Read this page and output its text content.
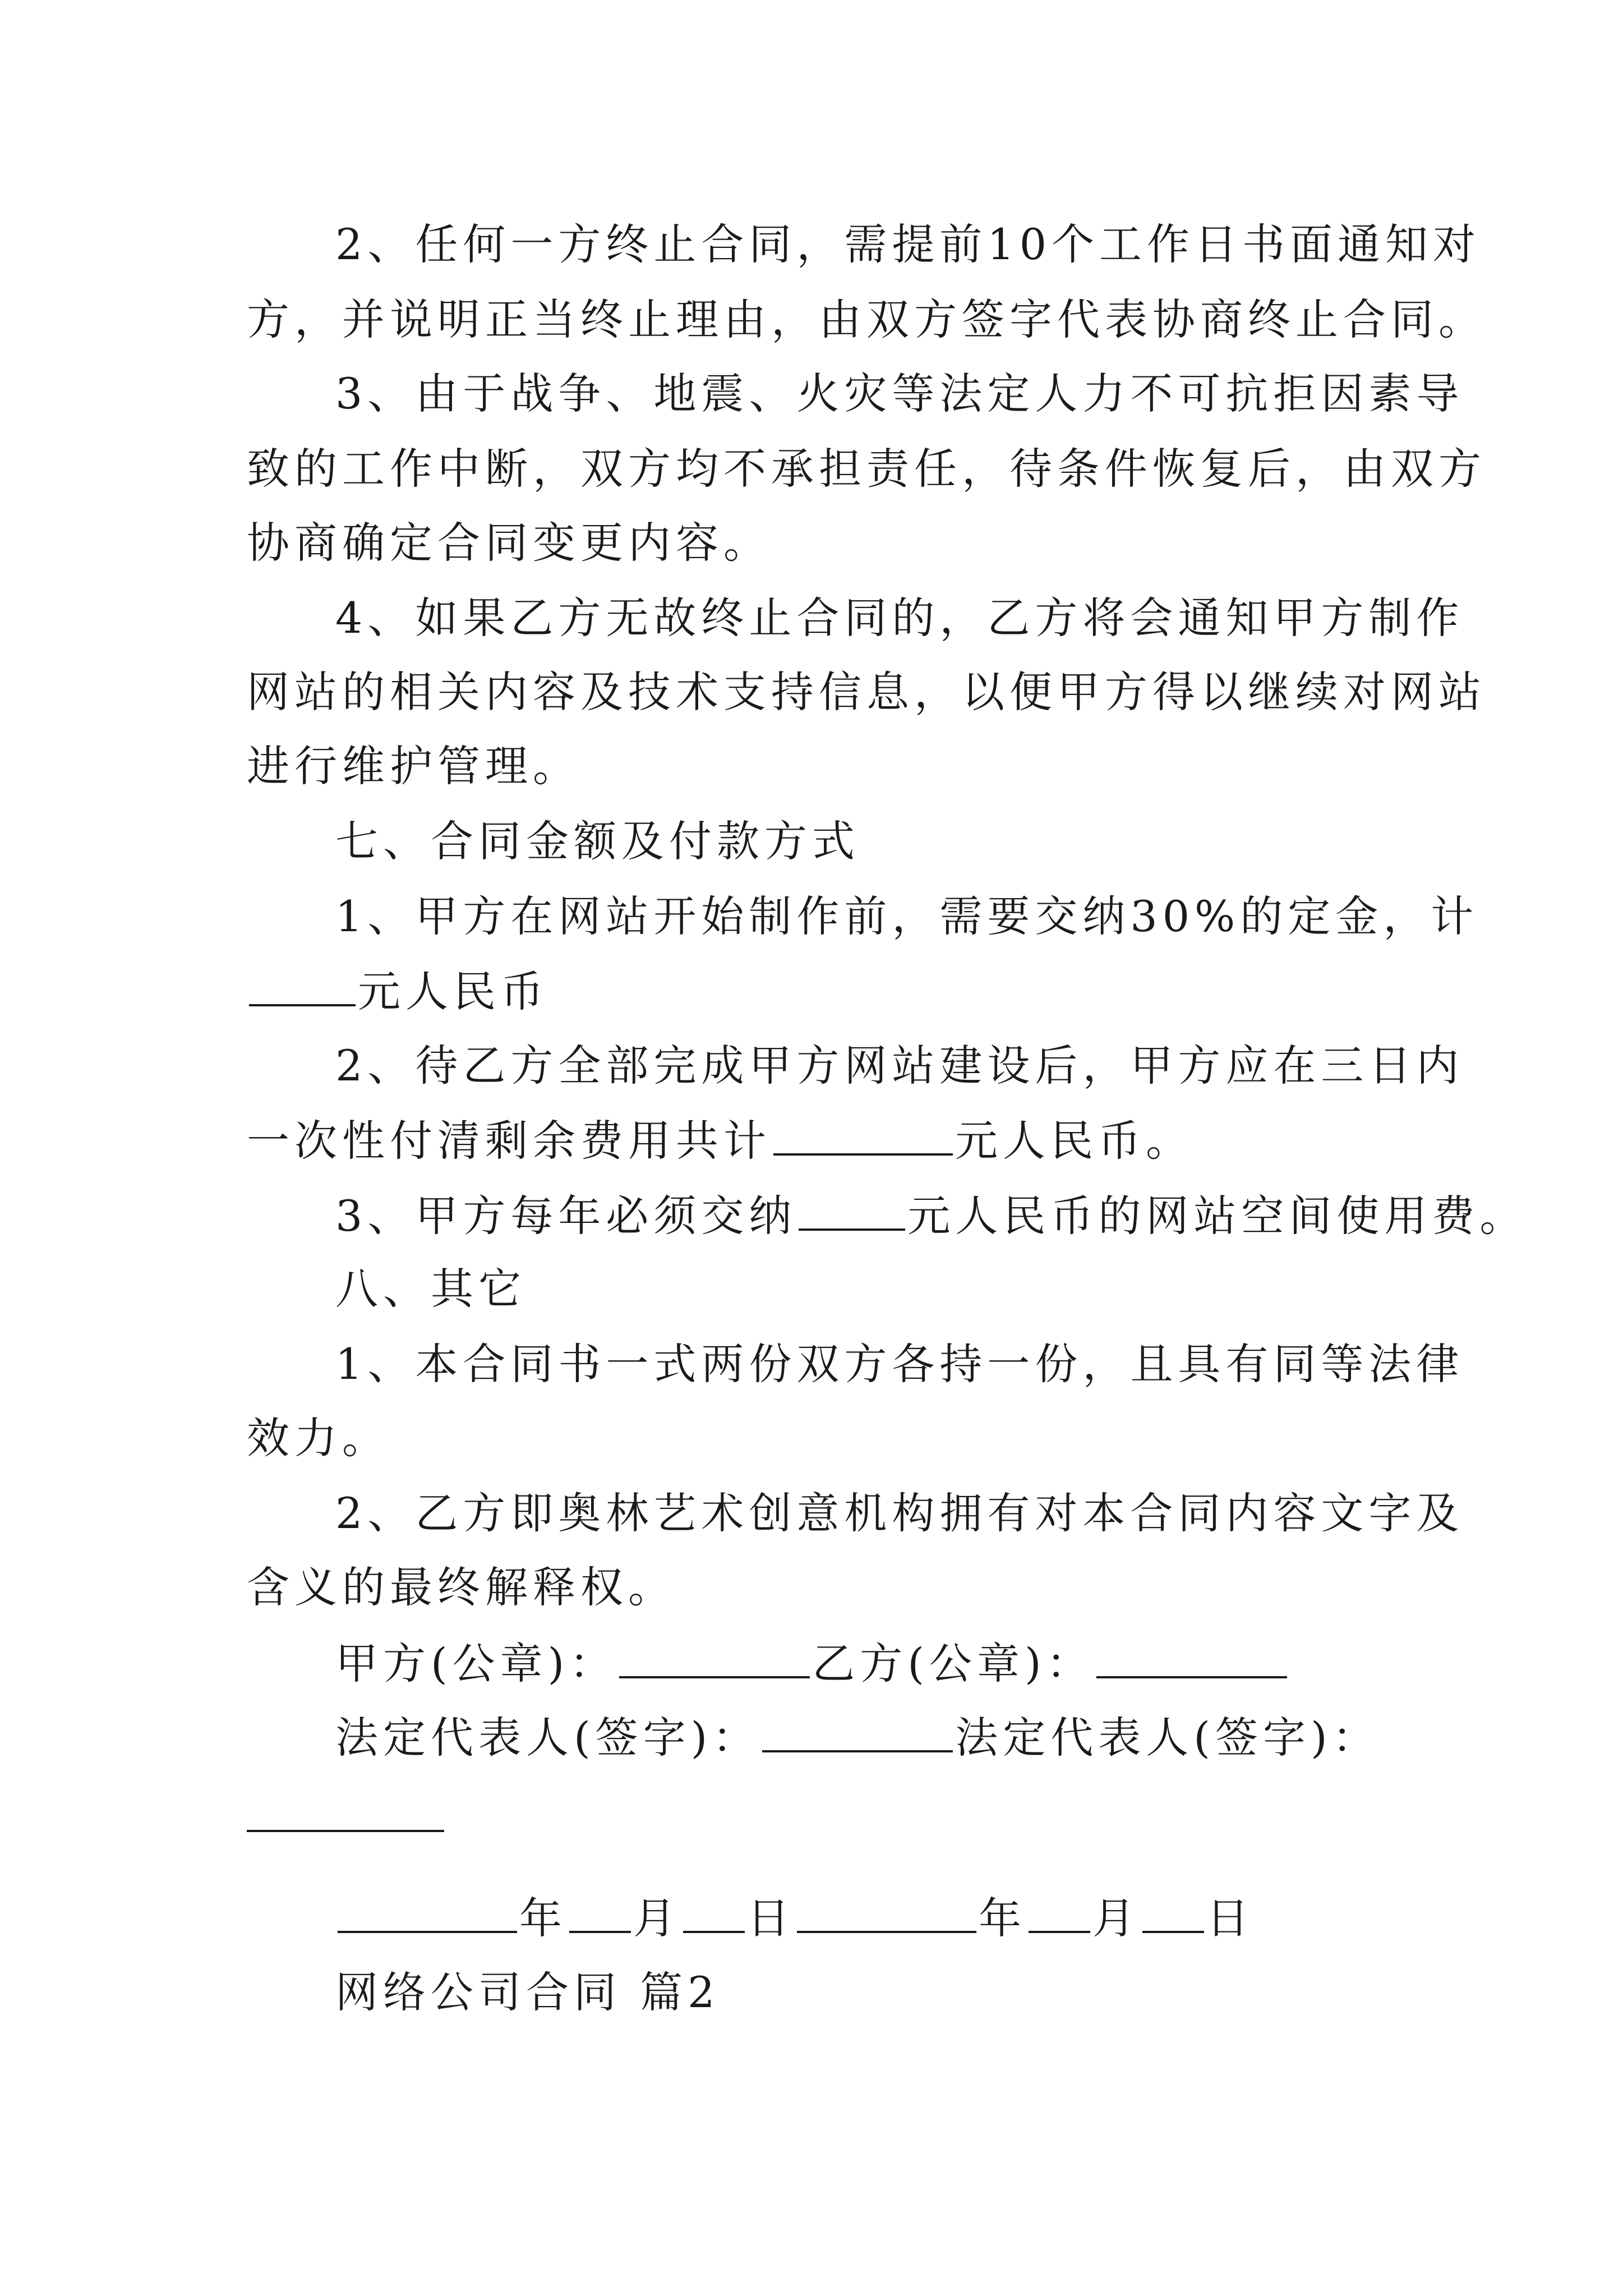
2、任何一方终止合同，需提前10个工作日书面通知对
方，并说明正当终止理由，由双方签字代表协商终止合同。
3、由于战争、地震、火灾等法定人力不可抗拒因素导
致的工作中断，双方均不承担责任，待条件恢复后，由双方
协商确定合同变更内容。
4、如果乙方无故终止合同的，乙方将会通知甲方制作
网站的相关内容及技术支持信息，以便甲方得以继续对网站
进行维护管理。
七、合同金额及付款方式
1、甲方在网站开始制作前，需要交纳30%的定金，计
元人民币
2、待乙方全部完成甲方网站建设后，甲方应在三日内
一次性付清剩余费用共计	元人民币。
3、甲方每年必须交纳	元人民币的网站空间使用费。
八、其它
1、本合同书一式两份双方各持一份，且具有同等法律
效力。
2、乙方即奥林艺术创意机构拥有对本合同内容文字及
含义的最终解释权。
甲方(公章)：	乙方(公章)：
法定代表人(签字)：	法定代表人(签字)：
年 月 日	年 月 日
网络公司合同 篇2
